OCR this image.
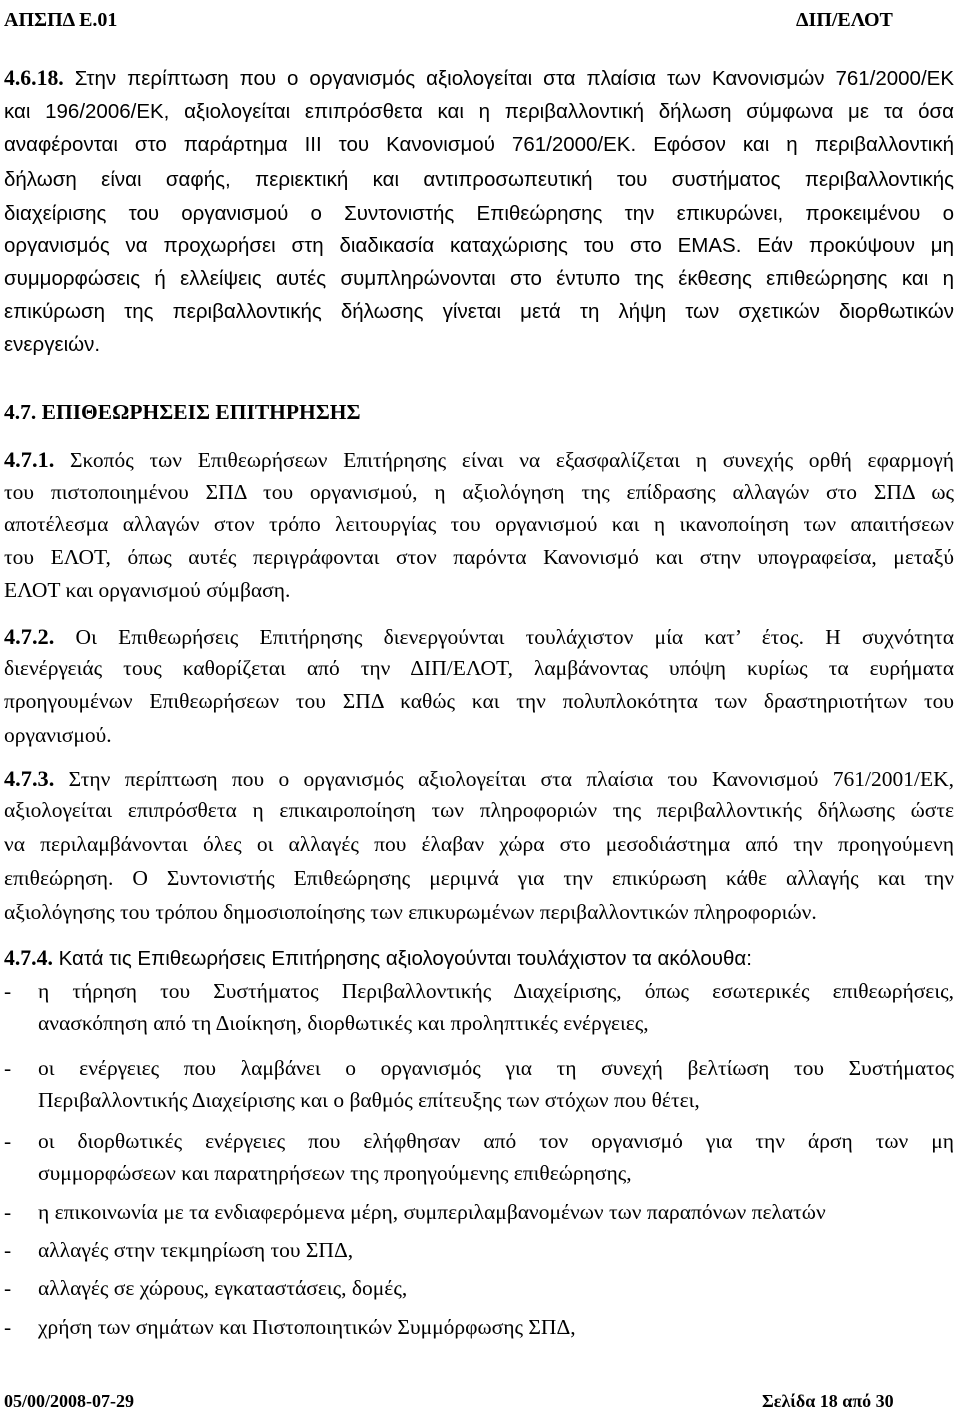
ΑΠΣΠΔ Ε.01	ΔΙΠ/ΕΛΟΤ
4.6.18. Στην περίπτωση που ο οργανισμός αξιολογείται στα πλαίσια των Κανονισμών 761/2000/ΕΚ
και 196/2006/ΕΚ, αξιολογείται επιπρόσθετα και η περιβαλλοντική δήλωση σύμφωνα με τα όσα
αναφέρονται στο παράρτημα ΙΙΙ του Κανονισμού 761/2000/ΕΚ. Εφόσον και η περιβαλλοντική
δήλωση είναι σαφής, περιεκτική και αντιπροσωπευτική του συστήματος περιβαλλοντικής
διαχείρισης του οργανισμού ο Συντονιστής Επιθεώρησης την επικυρώνει, προκειμένου ο
οργανισμός να προχωρήσει στη διαδικασία καταχώρισης του στο EMAS. Εάν προκύψουν μη
συμμορφώσεις ή ελλείψεις αυτές συμπληρώνονται στο έντυπο της έκθεσης επιθεώρησης και η
επικύρωση της περιβαλλοντικής δήλωσης γίνεται μετά τη λήψη των σχετικών διορθωτικών
ενεργειών.
4.7. ΕΠΙΘΕΩΡΗΣΕΙΣ ΕΠΙΤΗΡΗΣΗΣ
4.7.1. Σκοπός των Επιθεωρήσεων Επιτήρησης είναι να εξασφαλίζεται η συνεχής ορθή εφαρμογή
του πιστοποιημένου ΣΠΔ του οργανισμού, η αξιολόγηση της επίδρασης αλλαγών στο ΣΠΔ ως
αποτέλεσμα αλλαγών στον τρόπο λειτουργίας του οργανισμού και η ικανοποίηση των απαιτήσεων
του ΕΛΟΤ, όπως αυτές περιγράφονται στον παρόντα Κανονισμό και στην υπογραφείσα, μεταξύ
ΕΛΟΤ και οργανισμού σύμβαση.
4.7.2. Οι Επιθεωρήσεις Επιτήρησης διενεργούνται τουλάχιστον μία κατ’ έτος. Η συχνότητα
διενέργειάς τους καθορίζεται από την ΔΙΠ/ΕΛΟΤ, λαμβάνοντας υπόψη κυρίως τα ευρήματα
προηγουμένων Επιθεωρήσεων του ΣΠΔ καθώς και την πολυπλοκότητα των δραστηριοτήτων του
οργανισμού.
4.7.3. Στην περίπτωση που ο οργανισμός αξιολογείται στα πλαίσια του Κανονισμού 761/2001/ΕΚ,
αξιολογείται επιπρόσθετα η επικαιροποίηση των πληροφοριών της περιβαλλοντικής δήλωσης ώστε
να περιλαμβάνονται όλες οι αλλαγές που έλαβαν χώρα στο μεσοδιάστημα από την προηγούμενη
επιθεώρηση. Ο Συντονιστής Επιθεώρησης μεριμνά για την επικύρωση κάθε αλλαγής και την
αξιολόγησης του τρόπου δημοσιοποίησης των επικυρωμένων περιβαλλοντικών πληροφοριών.
4.7.4. Κατά τις Επιθεωρήσεις Επιτήρησης αξιολογούνται τουλάχιστον τα ακόλουθα:
- η τήρηση του Συστήματος Περιβαλλοντικής Διαχείρισης, όπως εσωτερικές επιθεωρήσεις,
ανασκόπηση από τη Διοίκηση, διορθωτικές και προληπτικές ενέργειες,
- οι ενέργειες που λαμβάνει ο οργανισμός για τη συνεχή βελτίωση του Συστήματος
Περιβαλλοντικής Διαχείρισης και ο βαθμός επίτευξης των στόχων που θέτει,
- οι διορθωτικές ενέργειες που ελήφθησαν από τον οργανισμό για την άρση των μη
συμμορφώσεων και παρατηρήσεων της προηγούμενης επιθεώρησης,
- η επικοινωνία με τα ενδιαφερόμενα μέρη, συμπεριλαμβανομένων των παραπόνων πελατών
- αλλαγές στην τεκμηρίωση του ΣΠΔ,
- αλλαγές σε χώρους, εγκαταστάσεις, δομές,
- χρήση των σημάτων και Πιστοποιητικών Συμμόρφωσης ΣΠΔ,
05/00/2008-07-29	Σελίδα 18 από 30
